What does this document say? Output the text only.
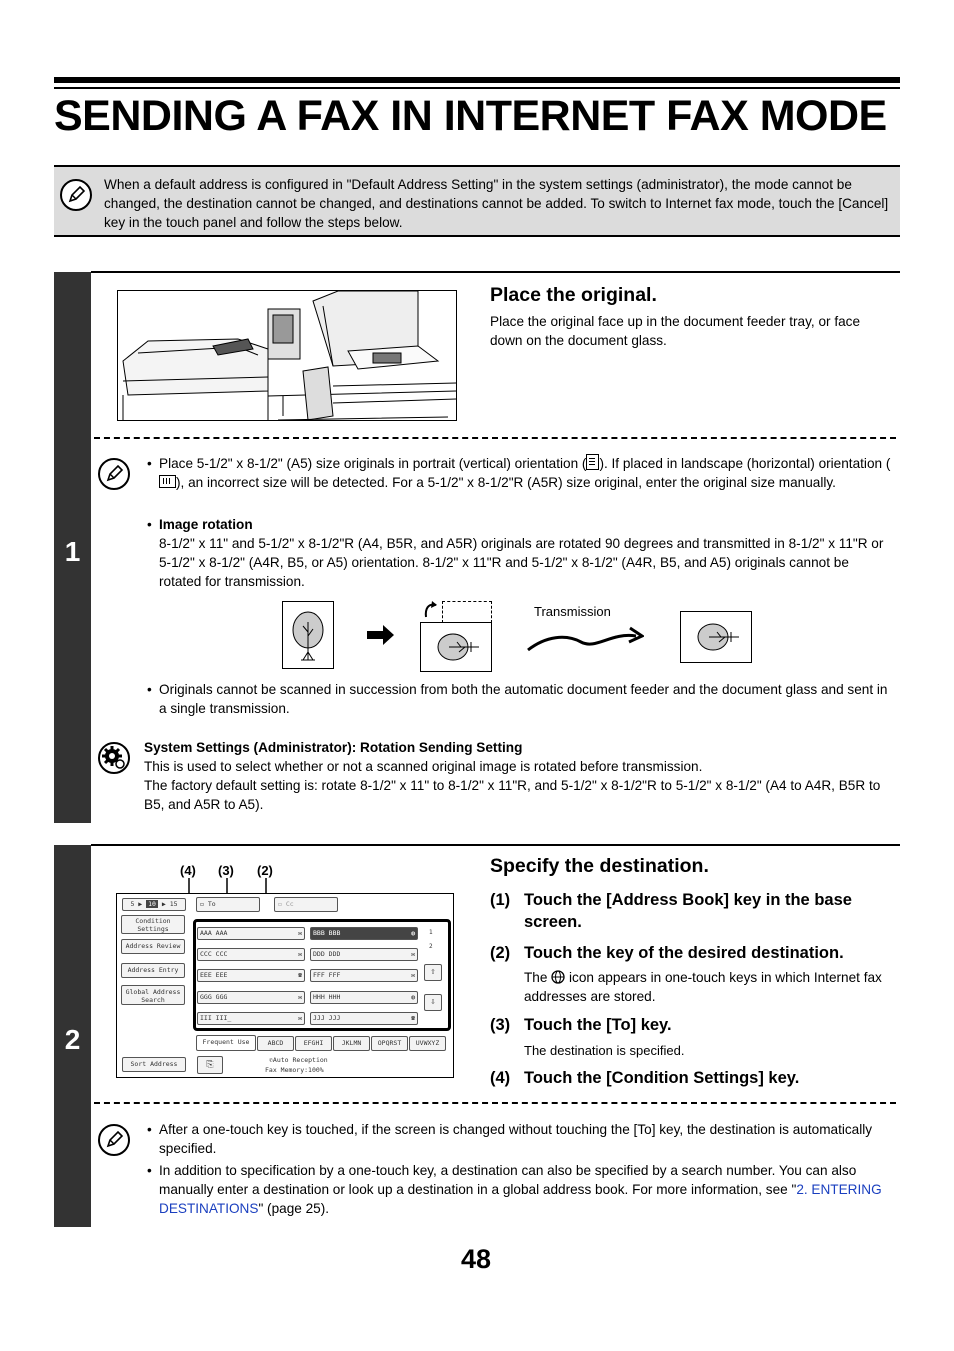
SENDING A FAX IN INTERNET FAX MODE
When a default address is configured in "Default Address Setting" in the system settings (administrator), the mode cannot be changed, the destination cannot be changed, and destinations cannot be added. To switch to Internet fax mode, touch the [Cancel] key in the touch panel and follow the steps below.
1
Place the original.
Place the original face up in the document feeder tray, or face down on the document glass.
• Place 5-1/2" x 8-1/2" (A5) size originals in portrait (vertical) orientation ( ). If placed in landscape (horizontal) orientation (
), an incorrect size will be detected. For a 5-1/2" x 8-1/2"R (A5R) size original, enter the original size manually.
• Image rotation
8-1/2" x 11" and 5-1/2" x 8-1/2"R (A4, B5R, and A5R) originals are rotated 90 degrees and transmitted in 8-1/2" x 11"R or 5-1/2" x 8-1/2" (A4R, B5, or A5) orientation. 8-1/2" x 11"R and 5-1/2" x 8-1/2" (A4R, B5, and A5) originals cannot be rotated for transmission.
Transmission
• Originals cannot be scanned in succession from both the automatic document feeder and the document glass and sent in a single transmission.
System Settings (Administrator): Rotation Sending Setting
This is used to select whether or not a scanned original image is rotated before transmission.
The factory default setting is: rotate 8-1/2" x 11" to 8-1/2" x 11"R, and 5-1/2" x 8-1/2"R to 5-1/2" x 8-1/2" (A4 to A4R, B5R to B5, and A5R to A5).
2
(4) (3) (2)
5 ▶ 10 ▶ 15	▭ To	▭ Cc
Condition Settings
Address Review
Address Entry
Global Address Search
AAA AAA	✉	BBB BBB	◍
CCC CCC	✉	DDD DDD	✉
EEE EEE	☎	FFF FFF	✉
GGG GGG	✉	HHH HHH	◍
III III_	✉	JJJ JJJ	☎
1
2
⇧
⇩
Frequent Use	ABCD	EFGHI	JKLMN	OPQRST	UVWXYZ
Sort Address	⎘	✆Auto Reception
Fax Memory:100%
Specify the destination.
(1) Touch the [Address Book] key in the base screen.
(2) Touch the key of the desired destination.
The icon appears in one-touch keys in which Internet fax addresses are stored.
(3) Touch the [To] key.
The destination is specified.
(4) Touch the [Condition Settings] key.
• After a one-touch key is touched, if the screen is changed without touching the [To] key, the destination is automatically specified.
• In addition to specification by a one-touch key, a destination can also be specified by a search number. You can also manually enter a destination or look up a destination in a global address book. For more information, see "2. ENTERING DESTINATIONS" (page 25).
48
